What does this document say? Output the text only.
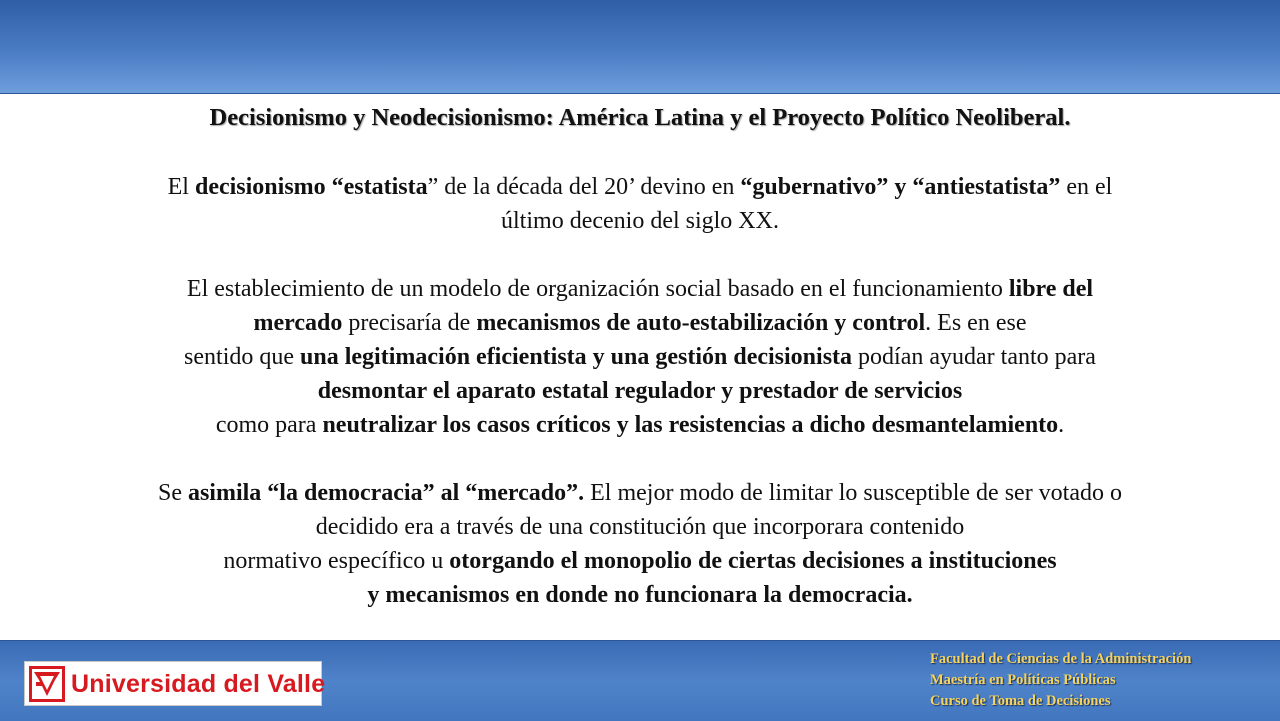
Decisionismo y Neodecisionismo: América Latina y el Proyecto Político Neoliberal.
El decisionismo “estatista” de la década del 20’ devino en “gubernativo” y “antiestatista” en el
último decenio del siglo XX.
El establecimiento de un modelo de organización social basado en el funcionamiento libre del
mercado precisaría de mecanismos de auto-estabilización y control. Es en ese
sentido que una legitimación eficientista y una gestión decisionista podían ayudar tanto para
desmontar el aparato estatal regulador y prestador de servicios
como para neutralizar los casos críticos y las resistencias a dicho desmantelamiento.
Se asimila “la democracia” al “mercado”. El mejor modo de limitar lo susceptible de ser votado o
decidido era a través de una constitución que incorporara contenido
normativo específico u otorgando el monopolio de ciertas decisiones a instituciones
y mecanismos en donde no funcionara la democracia.
Universidad del Valle
Facultad de Ciencias de la Administración
Maestría en Políticas Públicas
Curso de Toma de Decisiones
